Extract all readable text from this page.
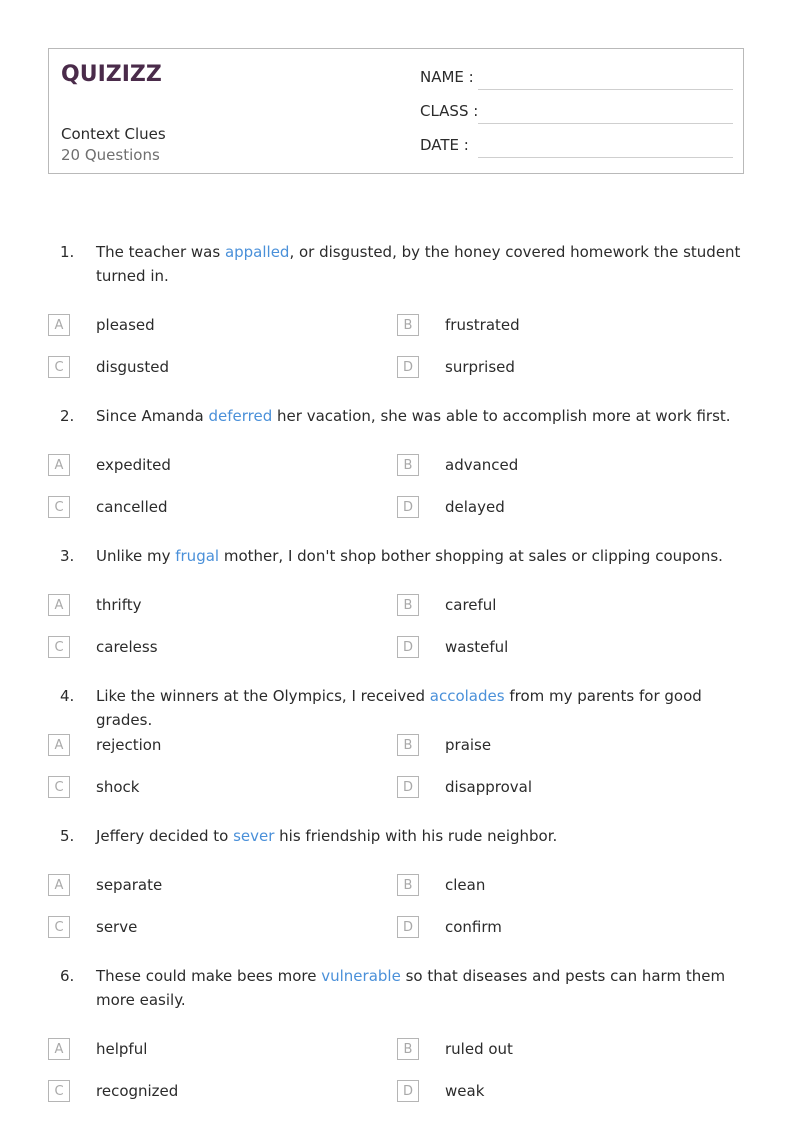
QUIZIZZ
Context Clues
20 Questions
NAME :
CLASS :
DATE :
1. The teacher was appalled, or disgusted, by the honey covered homework the student turned in.
A	pleased	B	frustrated
C	disgusted	D	surprised
2. Since Amanda deferred her vacation, she was able to accomplish more at work first.
A	expedited	B	advanced
C	cancelled	D	delayed
3. Unlike my frugal mother, I don't shop bother shopping at sales or clipping coupons.
A	thrifty	B	careful
C	careless	D	wasteful
4. Like the winners at the Olympics, I received accolades from my parents for good grades.
A	rejection	B	praise
C	shock	D	disapproval
5. Jeffery decided to sever his friendship with his rude neighbor.
A	separate	B	clean
C	serve	D	confirm
6. These could make bees more vulnerable so that diseases and pests can harm them more easily.
A	helpful	B	ruled out
C	recognized	D	weak
